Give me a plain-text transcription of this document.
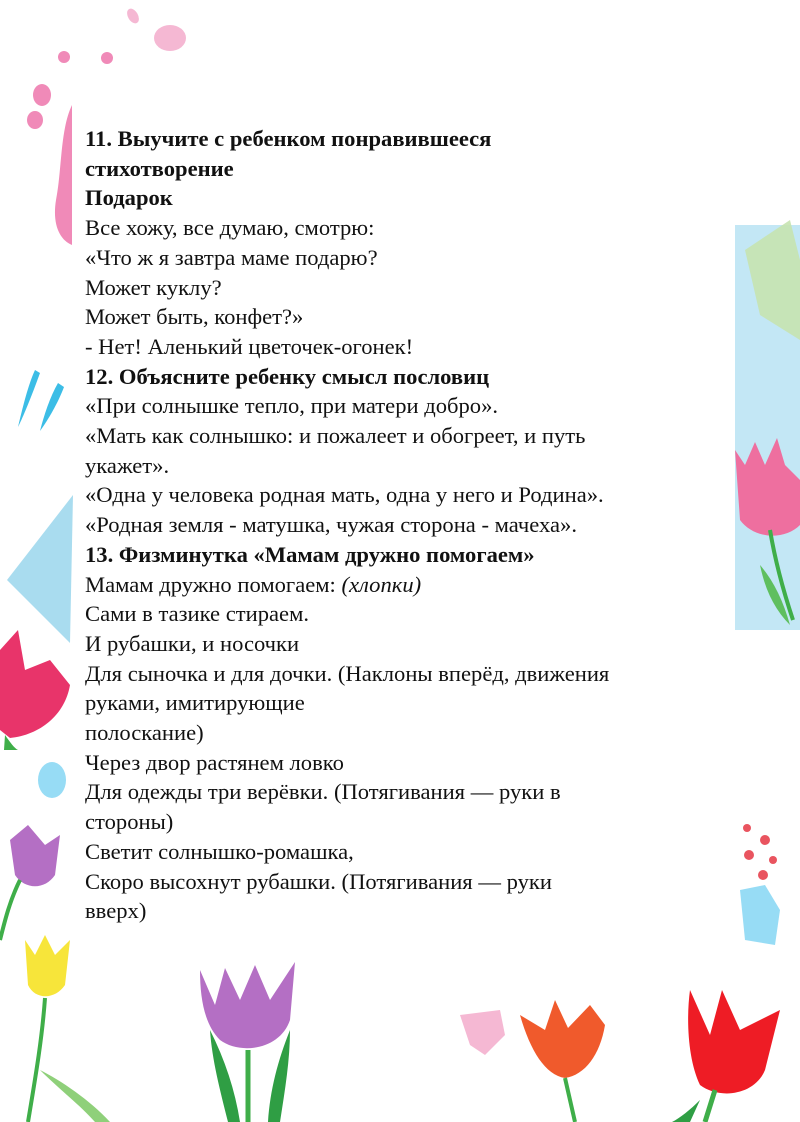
11. Выучите с ребенком понравившееся
стихотворение
Подарок
Все хожу, все думаю, смотрю:
«Что ж я завтра маме подарю?
Может куклу?
Может быть, конфет?»
- Нет! Аленький цветочек-огонек!
12. Объясните ребенку смысл пословиц
«При солнышке тепло, при матери добро».
«Мать как солнышко: и пожалеет и обогреет, и путь
укажет».
«Одна у человека родная мать, одна у него и Родина».
«Родная земля - матушка, чужая сторона - мачеха».
13. Физминутка «Мамам дружно помогаем»
Мамам дружно помогаем: (хлопки)
Сами в тазике стираем.
И рубашки, и носочки
Для сыночка и для дочки. (Наклоны вперёд, движения
руками, имитирующие
полоскание)
Через двор растянем ловко
Для одежды три верёвки. (Потягивания — руки в
стороны)
Светит солнышко-ромашка,
Скоро высохнут рубашки. (Потягивания — руки
вверх)
